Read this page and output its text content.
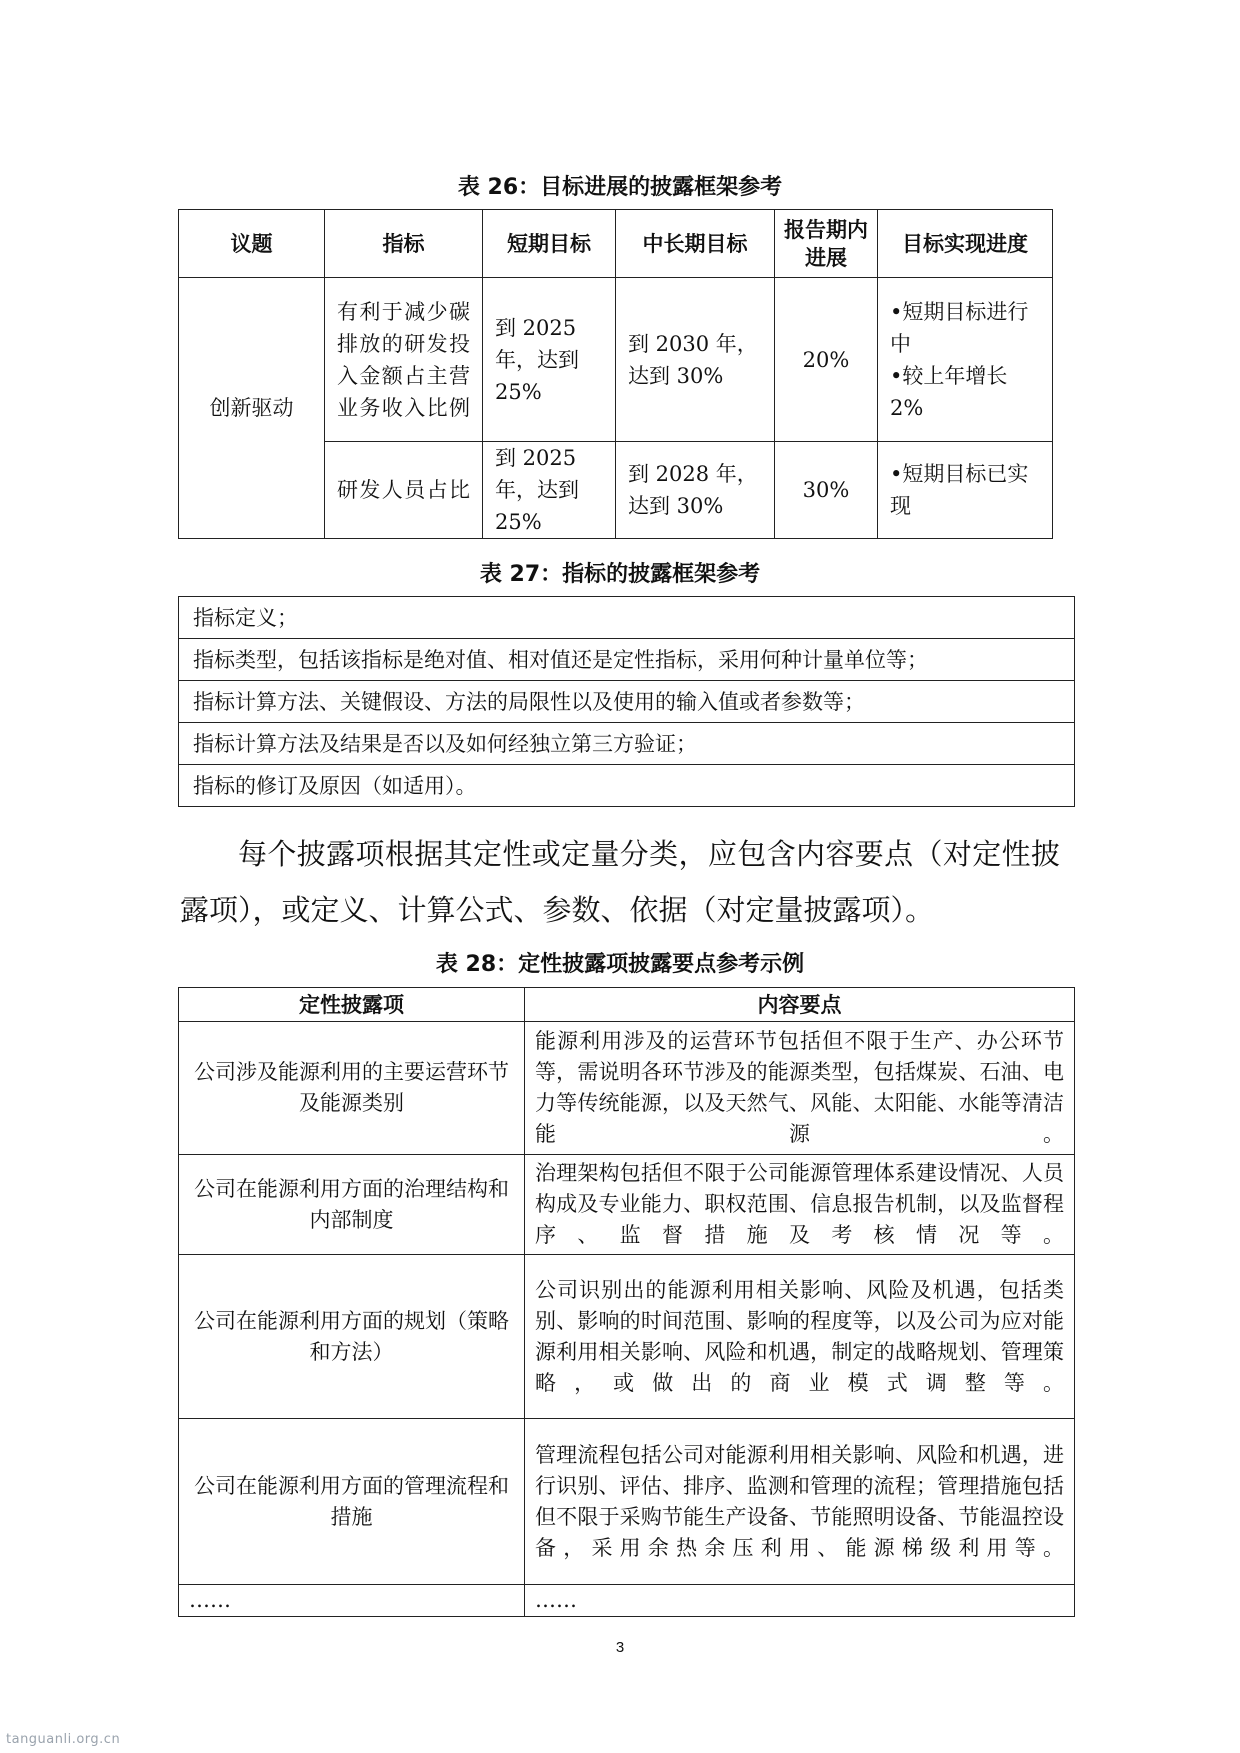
表 26：目标进展的披露框架参考
议题	指标	短期目标	中长期目标	报告期内进展	目标实现进度
创新驱动	有利于减少碳排放的研发投入金额占主营业务收入比例	到 2025 年，达到 25%	到 2030 年，达到 30%	20%	•短期目标进行中
•较上年增长 2%
	研发人员占比	到 2025 年，达到 25%	到 2028 年，达到 30%	30%	•短期目标已实现
表 27：指标的披露框架参考
指标定义；
指标类型，包括该指标是绝对值、相对值还是定性指标，采用何种计量单位等；
指标计算方法、关键假设、方法的局限性以及使用的输入值或者参数等；
指标计算方法及结果是否以及如何经独立第三方验证；
指标的修订及原因（如适用）。

每个披露项根据其定性或定量分类，应包含内容要点（对定性披露项），或定义、计算公式、参数、依据（对定量披露项）。

表 28：定性披露项披露要点参考示例
定性披露项	内容要点
公司涉及能源利用的主要运营环节及能源类别	能源利用涉及的运营环节包括但不限于生产、办公环节等，需说明各环节涉及的能源类型，包括煤炭、石油、电力等传统能源，以及天然气、风能、太阳能、水能等清洁能源。
公司在能源利用方面的治理结构和内部制度	治理架构包括但不限于公司能源管理体系建设情况、人员构成及专业能力、职权范围、信息报告机制，以及监督程序、监督措施及考核情况等。
公司在能源利用方面的规划（策略和方法）	公司识别出的能源利用相关影响、风险及机遇，包括类别、影响的时间范围、影响的程度等，以及公司为应对能源利用相关影响、风险和机遇，制定的战略规划、管理策略，或做出的商业模式调整等。
公司在能源利用方面的管理流程和措施	管理流程包括公司对能源利用相关影响、风险和机遇，进行识别、评估、排序、监测和管理的流程；管理措施包括但不限于采购节能生产设备、节能照明设备、节能温控设备，采用余热余压利用、能源梯级利用等。
……	……
3
tanguanli.org.cn
